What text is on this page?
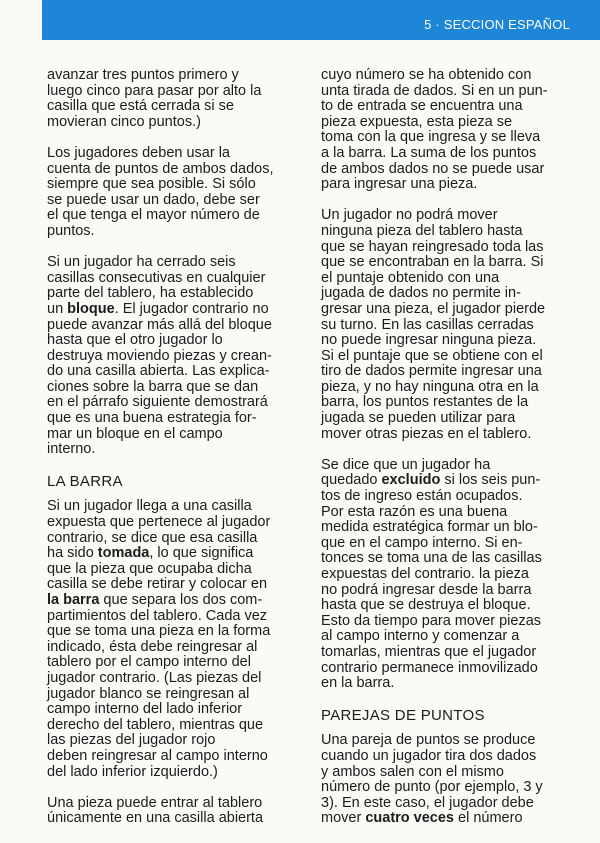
5 · SECCION ESPAÑOL

avanzar tres puntos primero y
luego cinco para pasar por alto la
casilla que está cerrada si se
movieran cinco puntos.)

Los jugadores deben usar la
cuenta de puntos de ambos dados,
siempre que sea posible. Si sólo
se puede usar un dado, debe ser
el que tenga el mayor número de
puntos.

Si un jugador ha cerrado seis
casillas consecutivas en cualquier
parte del tablero, ha establecido
un bloque. El jugador contrario no
puede avanzar más allá del bloque
hasta que el otro jugador lo
destruya moviendo piezas y crean-
do una casilla abierta. Las explica-
ciones sobre la barra que se dan
en el párrafo siguiente demostrará
que es una buena estrategia for-
mar un bloque en el campo
interno.

LA BARRA

Si un jugador llega a una casilla
expuesta que pertenece al jugador
contrario, se dice que esa casilla
ha sido tomada, lo que significa
que la pieza que ocupaba dicha
casilla se debe retirar y colocar en
la barra que separa los dos com-
partimientos del tablero. Cada vez
que se toma una pieza en la forma
indicado, ésta debe reingresar al
tablero por el campo interno del
jugador contrario. (Las piezas del
jugador blanco se reingresan al
campo interno del lado inferior
derecho del tablero, mientras que
las piezas del jugador rojo
deben reingresar al campo interno
del lado inferior izquierdo.)

Una pieza puede entrar al tablero
únicamente en una casilla abierta

cuyo número se ha obtenido con
unta tirada de dados. Si en un pun-
to de entrada se encuentra una
pieza expuesta, esta pieza se
toma con la que ingresa y se lleva
a la barra. La suma de los puntos
de ambos dados no se puede usar
para ingresar una pieza.

Un jugador no podrá mover
ninguna pieza del tablero hasta
que se hayan reingresado toda las
que se encontraban en la barra. Si
el puntaje obtenido con una
jugada de dados no permite in-
gresar una pieza, el jugador pierde
su turno. En las casillas cerradas
no puede ingresar ninguna pieza.
Si el puntaje que se obtiene con el
tiro de dados permite ingresar una
pieza, y no hay ninguna otra en la
barra, los puntos restantes de la
jugada se pueden utilizar para
mover otras piezas en el tablero.

Se dice que un jugador ha
quedado excluido si los seis pun-
tos de ingreso están ocupados.
Por esta razón es una buena
medida estratégica formar un blo-
que en el campo interno. Si en-
tonces se toma una de las casillas
expuestas del contrario. la pieza
no podrá ingresar desde la barra
hasta que se destruya el bloque.
Esto da tiempo para mover piezas
al campo interno y comenzar a
tomarlas, mientras que el jugador
contrario permanece inmovilizado
en la barra.

PAREJAS DE PUNTOS

Una pareja de puntos se produce
cuando un jugador tira dos dados
y ambos salen con el mismo
número de punto (por ejemplo, 3 y
3). En este caso, el jugador debe
mover cuatro veces el número
